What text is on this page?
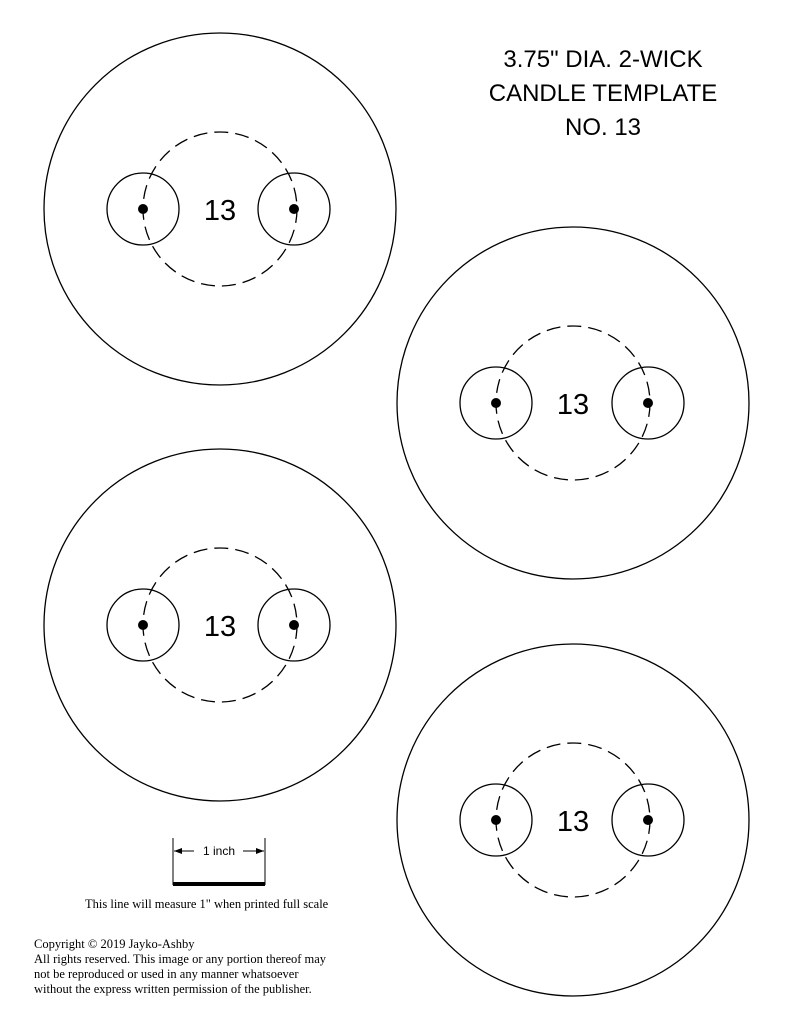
3.75" DIA. 2-WICK
CANDLE TEMPLATE
NO. 13
13
13
13
13
1 inch
This line will measure 1" when printed full scale
Copyright © 2019 Jayko-Ashby
All rights reserved. This image or any portion thereof may
not be reproduced or used in any manner whatsoever
without the express written permission of the publisher.
